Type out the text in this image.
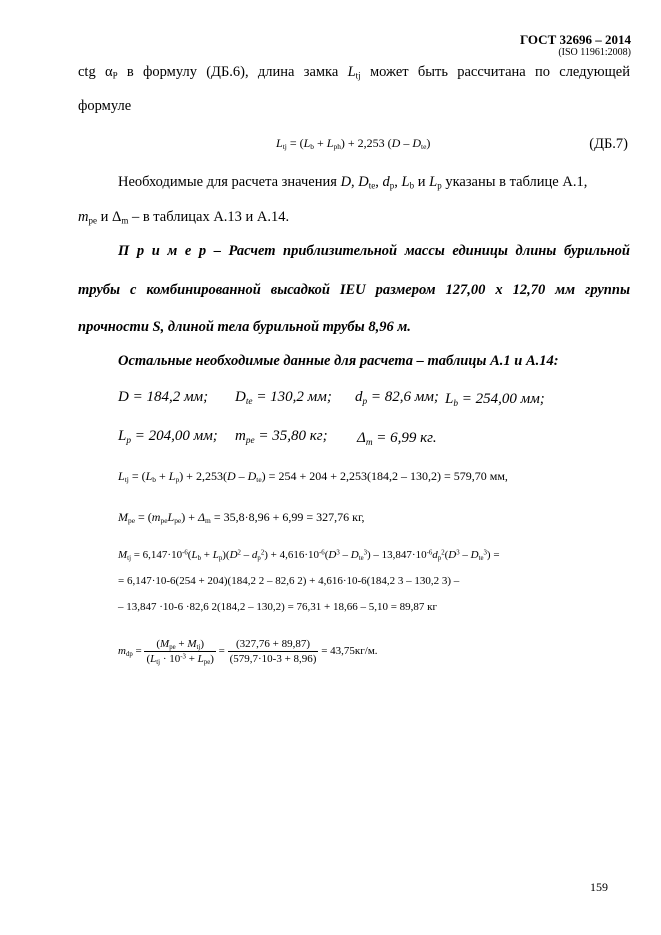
ГОСТ 32696 – 2014
(ISO 11961:2008)
ctg $\alpha_P$ в формулу (ДБ.6), длина замка $L_{tj}$ может быть рассчитана по следующей
формуле
$L_{tj} = (L_b + L_{ph}) + 2,253$ $(D - D_{te})$	(ДБ.7)
Необходимые для расчета значения D, $D_{te}$, $d_p$, $L_b$ и $L_p$ указаны в таблице А.1,
$m_{pe}$ и $\Delta_m$ – в таблицах А.13 и А.14.
П р и м е р – Расчет приблизительной массы единицы длины бурильной
трубы с комбинированной высадкой IEU размером 127,00 х 12,70 мм группы
прочности S, длиной тела бурильной трубы 8,96 м.
Остальные необходимые данные для расчета – таблицы А.1 и А.14:
D = 184,2 мм; $D_{te} = 130,2$ мм; $d_p = 82,6$ мм; $L_b = 254,00$ мм;
$L_p = 204,00$ мм; $m_{pe} = 35,80$ кг; $\Delta_m = 6,99$ кг.
$L_{tj} = (L_b + L_p) + 2,253(D - D_{te}) = 254 + 204 + 2,253(184,2 - 130,2) = 579,70$ мм,
$M_{pe} = (m_{pe}L_{pe}) + \Delta_m = 35,8\cdot 8,96 + 6,99 = 327,76$ кг,
$M_{tj} = 6,147\cdot 10^{-6}(L_b + L_p)(D^2 - d_p^2) + 4,616\cdot 10^{-6}(D^3 - D_{te}^3) - 13,847\cdot 10^{-6}d_p^2(D^3 - D_{te}^3)$ =
= 6,147·10-6(254 + 204)(184,2 2 – 82,6 2) + 4,616·10-6(184,2 3 – 130,2 3) –
– 13,847 ·10-6 ·82,6 2(184,2 – 130,2) = 76,31 + 18,66 – 5,10 = 89,87 кг
$m_{dp} = \frac{(M_{pe} + M_{tj})}{(L_{tj} \cdot 10^{-3} + L_{pe})} = \frac{(327,76 + 89,87)}{(579,7\cdot 10-3 + 8,96)} = 43,75кг/м$.
159
